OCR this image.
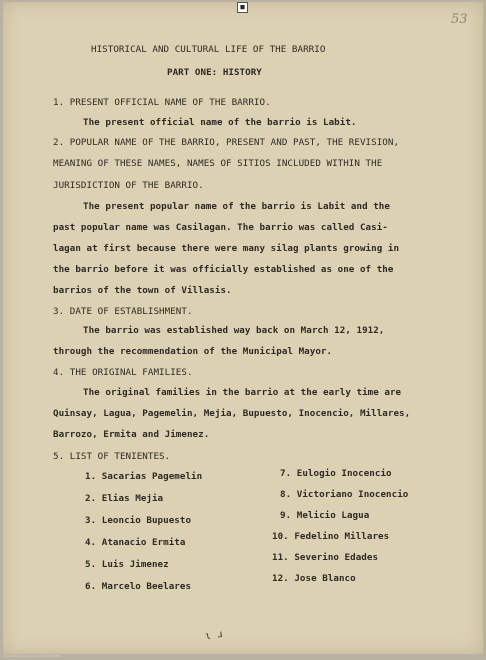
■
53
HISTORICAL AND CULTURAL LIFE OF THE BARRIO
PART ONE: HISTORY
1. PRESENT OFFICIAL NAME OF THE BARRIO.
The present official name of the barrio is Labit.
2. POPULAR NAME OF THE BARRIO, PRESENT AND PAST, THE REVISION,
MEANING OF THESE NAMES, NAMES OF SITIOS INCLUDED WITHIN THE
JURISDICTION OF THE BARRIO.
The present popular name of the barrio is Labit and the
past popular name was Casilagan. The barrio was called Casi-
lagan at first because there were many silag plants growing in
the barrio before it was officially established as one of the
barrios of the town of Villasis.
3. DATE OF ESTABLISHMENT.
The barrio was established way back on March 12, 1912,
through the recommendation of the Municipal Mayor.
4. THE ORIGINAL FAMILIES.
The original families in the barrio at the early time are
Quinsay, Lagua, Pagemelin, Mejia, Bupuesto, Inocencio, Millares,
Barrozo, Ermita and Jimenez.
5. LIST OF TENIENTES.
1. Sacarias Pagemelin
2. Elias Mejia
3. Leoncio Bupuesto
4. Atanacio Ermita
5. Luis Jimenez
6. Marcelo Beelares
7. Eulogio Inocencio
8. Victoriano Inocencio
9. Melicio Lagua
10. Fedelino Millares
11. Severino Edades
12. Jose Blanco
ɩ ɹ
Historical Data of the Philippines
